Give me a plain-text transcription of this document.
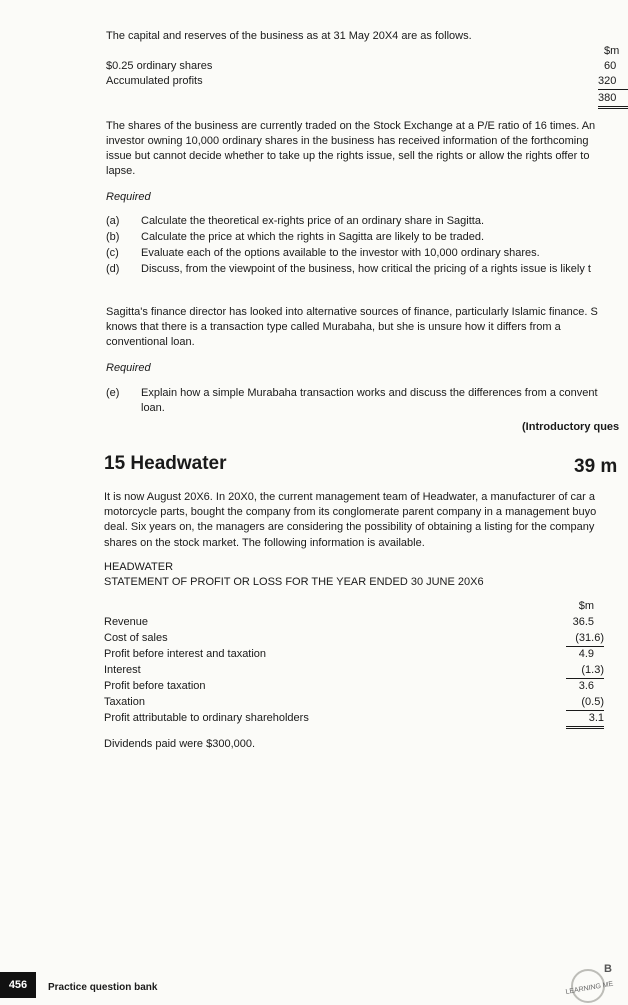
The capital and reserves of the business as at 31 May 20X4 are as follows.
$m
$0.25 ordinary shares	60
Accumulated profits	320
380
The shares of the business are currently traded on the Stock Exchange at a P/E ratio of 16 times. An
investor owning 10,000 ordinary shares in the business has received information of the forthcoming
issue but cannot decide whether to take up the rights issue, sell the rights or allow the rights offer to
lapse.
Required
(a) Calculate the theoretical ex-rights price of an ordinary share in Sagitta.
(b) Calculate the price at which the rights in Sagitta are likely to be traded.
(c) Evaluate each of the options available to the investor with 10,000 ordinary shares.
(d) Discuss, from the viewpoint of the business, how critical the pricing of a rights issue is likely t
Sagitta's finance director has looked into alternative sources of finance, particularly Islamic finance. S
knows that there is a transaction type called Murabaha, but she is unsure how it differs from a
conventional loan.
Required
(e) Explain how a simple Murabaha transaction works and discuss the differences from a convent
loan.
(Introductory ques
15 Headwater	39 m
It is now August 20X6. In 20X0, the current management team of Headwater, a manufacturer of car a
motorcycle parts, bought the company from its conglomerate parent company in a management buyo
deal. Six years on, the managers are considering the possibility of obtaining a listing for the company
shares on the stock market. The following information is available.
HEADWATER
STATEMENT OF PROFIT OR LOSS FOR THE YEAR ENDED 30 JUNE 20X6
$m
Revenue	36.5
Cost of sales	(31.6)
Profit before interest and taxation	4.9
Interest	(1.3)
Profit before taxation	3.6
Taxation	(0.5)
Profit attributable to ordinary shareholders	3.1
Dividends paid were $300,000.
456	Practice question bank
B
LEARNING ME
